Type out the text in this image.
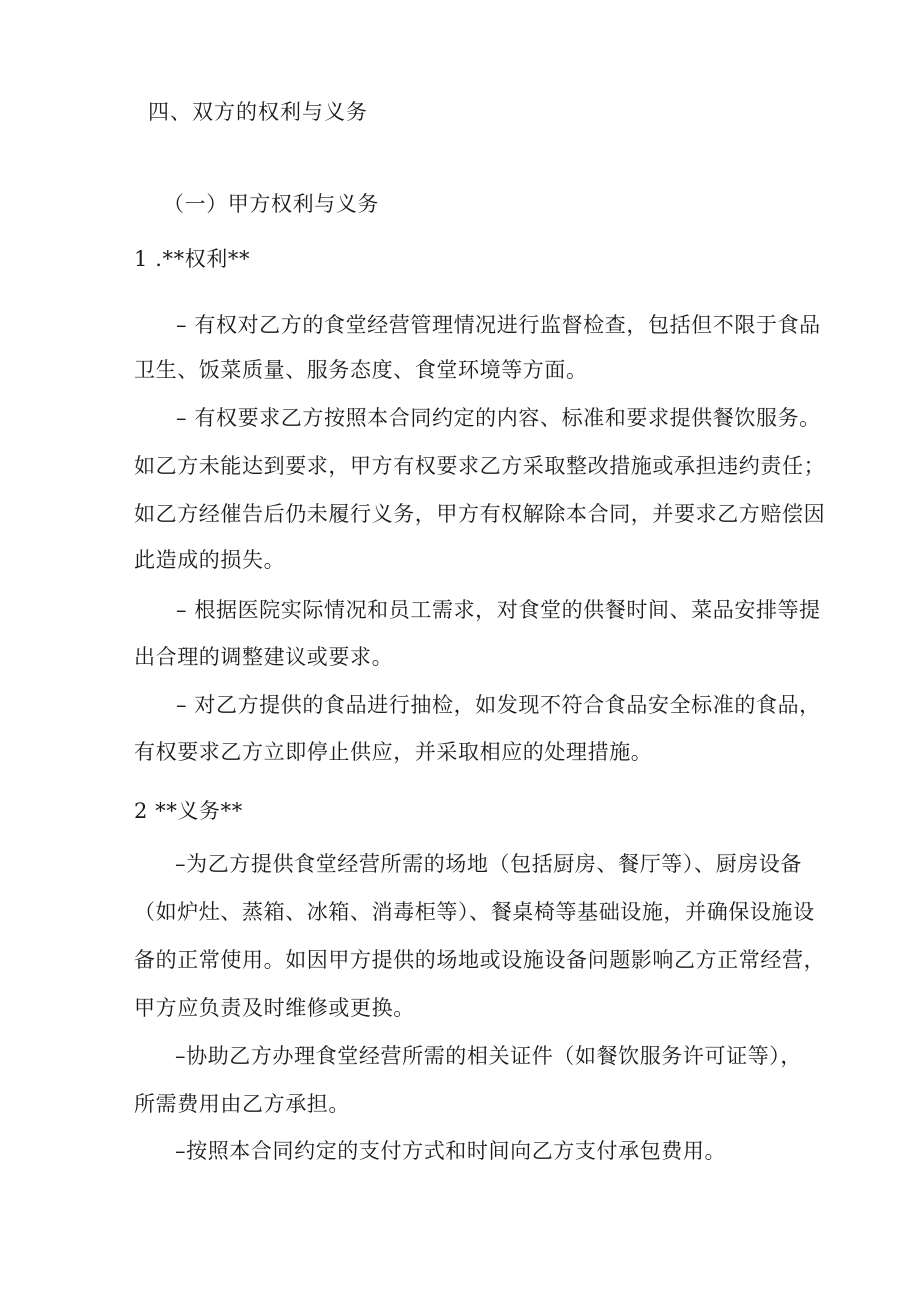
四、双方的权利与义务
（一）甲方权利与义务
1 .**权利**
– 有权对乙方的食堂经营管理情况进行监督检查，包括但不限于食品
卫生、饭菜质量、服务态度、食堂环境等方面。
– 有权要求乙方按照本合同约定的内容、标准和要求提供餐饮服务。
如乙方未能达到要求，甲方有权要求乙方采取整改措施或承担违约责任；
如乙方经催告后仍未履行义务，甲方有权解除本合同，并要求乙方赔偿因
此造成的损失。
– 根据医院实际情况和员工需求，对食堂的供餐时间、菜品安排等提
出合理的调整建议或要求。
– 对乙方提供的食品进行抽检，如发现不符合食品安全标准的食品，
有权要求乙方立即停止供应，并采取相应的处理措施。
2 **义务**
–为乙方提供食堂经营所需的场地（包括厨房、餐厅等）、厨房设备
（如炉灶、蒸箱、冰箱、消毒柜等）、餐桌椅等基础设施，并确保设施设
备的正常使用。如因甲方提供的场地或设施设备问题影响乙方正常经营，
甲方应负责及时维修或更换。
–协助乙方办理食堂经营所需的相关证件（如餐饮服务许可证等），
所需费用由乙方承担。
–按照本合同约定的支付方式和时间向乙方支付承包费用。
